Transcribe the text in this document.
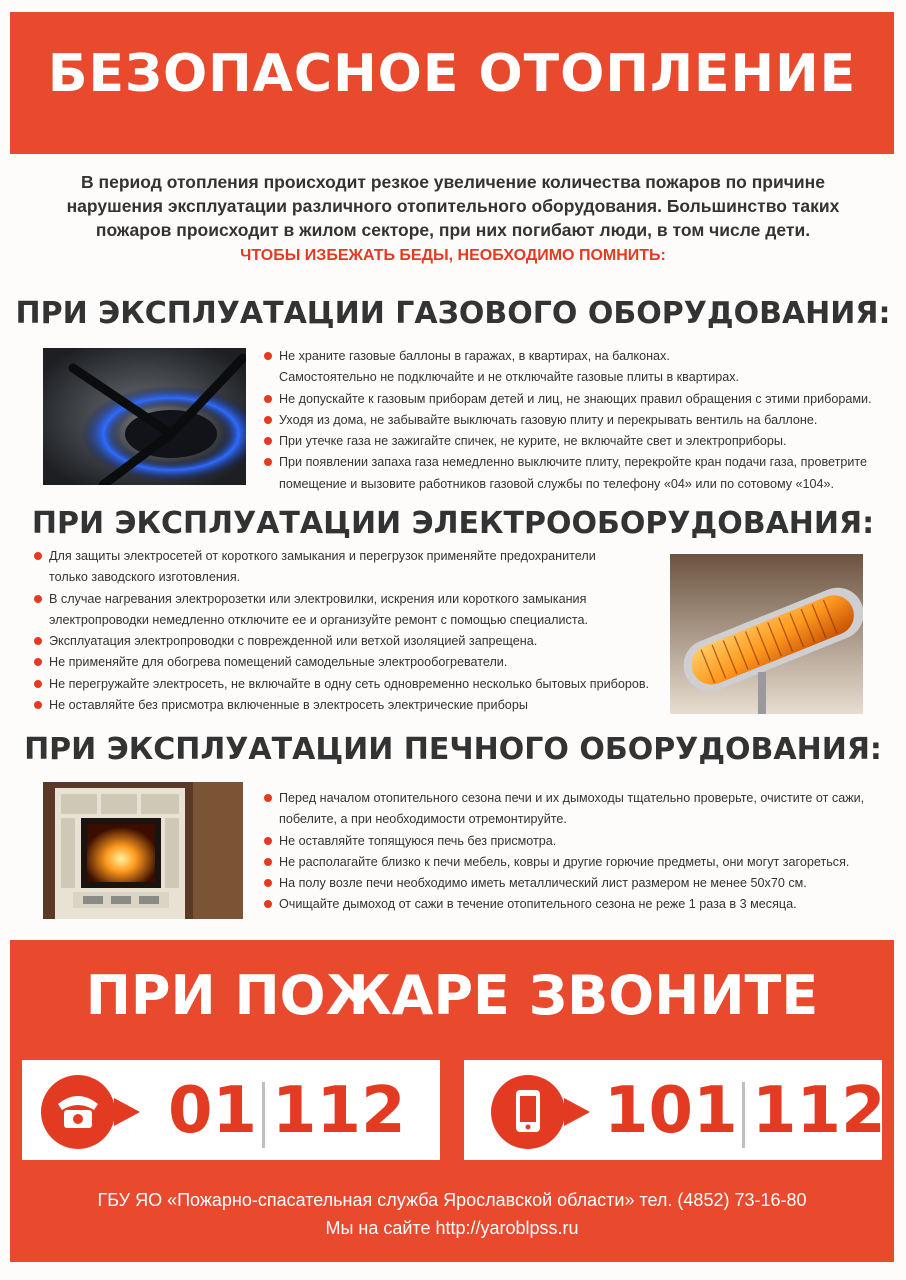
БЕЗОПАСНОЕ ОТОПЛЕНИЕ
В период отопления происходит резкое увеличение количества пожаров по причине
нарушения эксплуатации различного отопительного оборудования. Большинство таких
пожаров происходит в жилом секторе, при них погибают люди, в том числе дети.
ЧТОБЫ ИЗБЕЖАТЬ БЕДЫ, НЕОБХОДИМО ПОМНИТЬ:
ПРИ ЭКСПЛУАТАЦИИ ГАЗОВОГО ОБОРУДОВАНИЯ:
Не храните газовые баллоны в гаражах, в квартирах, на балконах.
Самостоятельно не подключайте и не отключайте газовые плиты в квартирах.
Не допускайте к газовым приборам детей и лиц, не знающих правил обращения с этими приборами.
Уходя из дома, не забывайте выключать газовую плиту и перекрывать вентиль на баллоне.
При утечке газа не зажигайте спичек, не курите, не включайте свет и электроприборы.
При появлении запаха газа немедленно выключите плиту, перекройте кран подачи газа, проветрите
помещение и вызовите работников газовой службы по телефону «04» или по сотовому «104».
ПРИ ЭКСПЛУАТАЦИИ ЭЛЕКТРООБОРУДОВАНИЯ:
Для защиты электросетей от короткого замыкания и перегрузок применяйте предохранители
только заводского изготовления.
В случае нагревания электророзетки или электровилки, искрения или короткого замыкания
электропроводки немедленно отключите ее и организуйте ремонт с помощью специалиста.
Эксплуатация электропроводки с поврежденной или ветхой изоляцией запрещена.
Не применяйте для обогрева помещений самодельные электрообогреватели.
Не перегружайте электросеть, не включайте в одну сеть одновременно несколько бытовых приборов.
Не оставляйте без присмотра включенные в электросеть электрические приборы
ПРИ ЭКСПЛУАТАЦИИ ПЕЧНОГО ОБОРУДОВАНИЯ:
Перед началом отопительного сезона печи и их дымоходы тщательно проверьте, очистите от сажи,
побелите, а при необходимости отремонтируйте.
Не оставляйте топящуюся печь без присмотра.
Не располагайте близко к печи мебель, ковры и другие горючие предметы, они могут загореться.
На полу возле печи необходимо иметь металлический лист размером не менее 50х70 см.
Очищайте дымоход от сажи в течение отопительного сезона не реже 1 раза в 3 месяца.
ПРИ ПОЖАРЕ ЗВОНИТЕ
01 112	101 112
ГБУ ЯО «Пожарно-спасательная служба Ярославской области» тел. (4852) 73-16-80
Мы на сайте http://yaroblpss.ru
